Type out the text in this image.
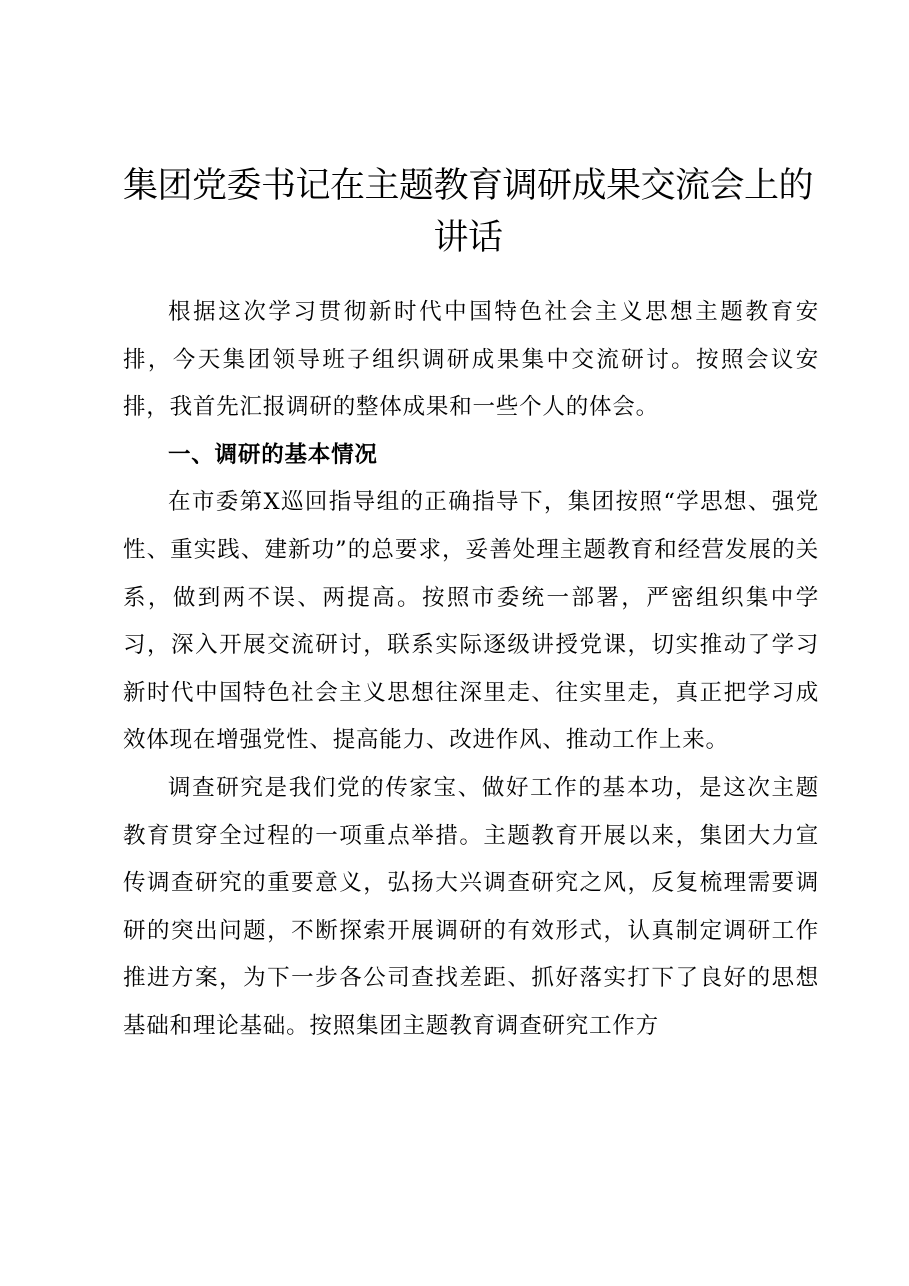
集团党委书记在主题教育调研成果交流会上的讲话

根据这次学习贯彻新时代中国特色社会主义思想主题教育安排，今天集团领导班子组织调研成果集中交流研讨。按照会议安排，我首先汇报调研的整体成果和一些个人的体会。

一、调研的基本情况

在市委第X巡回指导组的正确指导下，集团按照“学思想、强党性、重实践、建新功”的总要求，妥善处理主题教育和经营发展的关系，做到两不误、两提高。按照市委统一部署，严密组织集中学习，深入开展交流研讨，联系实际逐级讲授党课，切实推动了学习新时代中国特色社会主义思想往深里走、往实里走，真正把学习成效体现在增强党性、提高能力、改进作风、推动工作上来。

调查研究是我们党的传家宝、做好工作的基本功，是这次主题教育贯穿全过程的一项重点举措。主题教育开展以来，集团大力宣传调查研究的重要意义，弘扬大兴调查研究之风，反复梳理需要调研的突出问题，不断探索开展调研的有效形式，认真制定调研工作推进方案，为下一步各公司查找差距、抓好落实打下了良好的思想基础和理论基础。按照集团主题教育调查研究工作方
